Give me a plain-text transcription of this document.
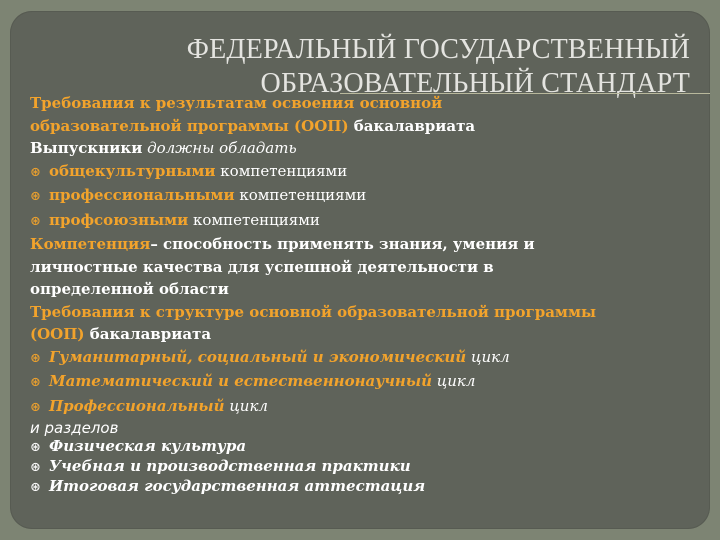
ФЕДЕРАЛЬНЫЙ ГОСУДАРСТВЕННЫЙ
ОБРАЗОВАТЕЛЬНЫЙ СТАНДАРТ
Требования к результатам освоения основной
образовательной программы (ООП) бакалавриата
Выпускники должны обладать
⊛ общекультурными компетенциями
⊛ профессиональными компетенциями
⊛ профсоюзными компетенциями
Компетенция– способность применять знания, умения и
личностные качества для успешной деятельности в
определенной области
Требования к структуре основной образовательной программы
(ООП) бакалавриата
⊛ Гуманитарный, социальный и экономический цикл
⊛ Математический и естественнонаучный цикл
⊛ Профессиональный цикл
и разделов
⊛ Физическая культура
⊛ Учебная и производственная практики
⊛ Итоговая государственная аттестация
